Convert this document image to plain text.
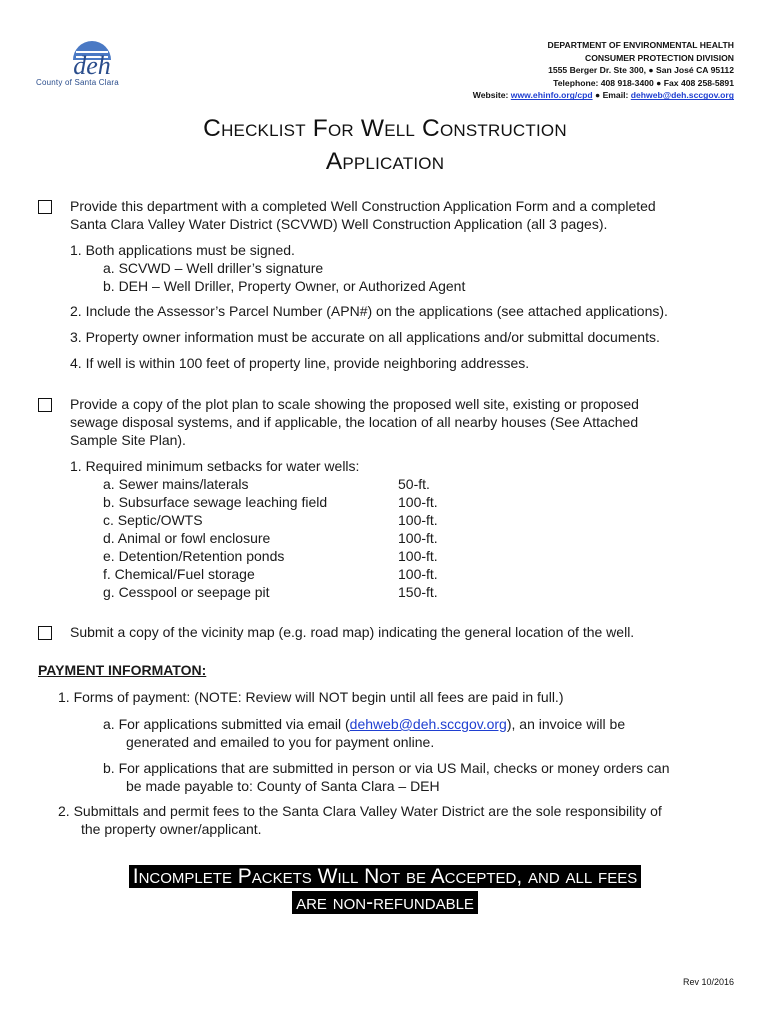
deh
County of Santa Clara
DEPARTMENT OF ENVIRONMENTAL HEALTH
CONSUMER PROTECTION DIVISION
1555 Berger Dr. Ste 300, ● San José CA 95112
Telephone: 408 918-3400 ● Fax 408 258-5891
Website: www.ehinfo.org/cpd ● Email: dehweb@deh.sccgov.org
Checklist For Well Construction
Application
Provide this department with a completed Well Construction Application Form and a completed
Santa Clara Valley Water District (SCVWD) Well Construction Application (all 3 pages).
1. Both applications must be signed.
a. SCVWD – Well driller’s signature
b. DEH – Well Driller, Property Owner, or Authorized Agent
2. Include the Assessor’s Parcel Number (APN#) on the applications (see attached applications).
3. Property owner information must be accurate on all applications and/or submittal documents.
4. If well is within 100 feet of property line, provide neighboring addresses.
Provide a copy of the plot plan to scale showing the proposed well site, existing or proposed
sewage disposal systems, and if applicable, the location of all nearby houses (See Attached
Sample Site Plan).
1. Required minimum setbacks for water wells:
a. Sewer mains/laterals	50-ft.
b. Subsurface sewage leaching field	100-ft.
c. Septic/OWTS	100-ft.
d. Animal or fowl enclosure	100-ft.
e. Detention/Retention ponds	100-ft.
f. Chemical/Fuel storage	100-ft.
g. Cesspool or seepage pit	150-ft.
Submit a copy of the vicinity map (e.g. road map) indicating the general location of the well.
PAYMENT INFORMATON:
1. Forms of payment: (NOTE: Review will NOT begin until all fees are paid in full.)
a. For applications submitted via email (dehweb@deh.sccgov.org), an invoice will be
generated and emailed to you for payment online.
b. For applications that are submitted in person or via US Mail, checks or money orders can
be made payable to: County of Santa Clara – DEH
2. Submittals and permit fees to the Santa Clara Valley Water District are the sole responsibility of
the property owner/applicant.
Incomplete Packets Will Not be Accepted, and all fees
are non-refundable
Rev 10/2016
